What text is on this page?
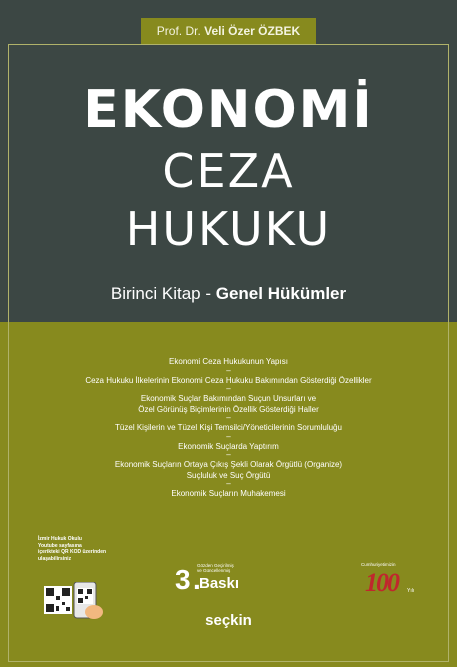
Prof. Dr. Veli Özer ÖZBEK
EKONOMİ
CEZA
HUKUKU
Birinci Kitap - Genel Hükümler
Ekonomi Ceza Hukukunun Yapısı
–
Ceza Hukuku İlkelerinin Ekonomi Ceza Hukuku Bakımından Gösterdiği Özellikler
–
Ekonomik Suçlar Bakımından Suçun Unsurları ve
Özel Görünüş Biçimlerinin Özellik Gösterdiği Haller
–
Tüzel Kişilerin ve Tüzel Kişi Temsilci/Yöneticilerinin Sorumluluğu
–
Ekonomik Suçlarda Yaptırım
–
Ekonomik Suçların Ortaya Çıkış Şekli Olarak Örgütlü (Organize)
Suçluluk ve Suç Örgütü
–
Ekonomik Suçların Muhakemesi
İzmir Hukuk Okulu
Youtube sayfasına
içerikteki QR KOD üzerinden
ulaşabilirsiniz
3 .
Gözden Geçirilmiş
ve Güncellenmiş
Baskı
Cumhuriyetimizin
100 Yılı
seçkin
